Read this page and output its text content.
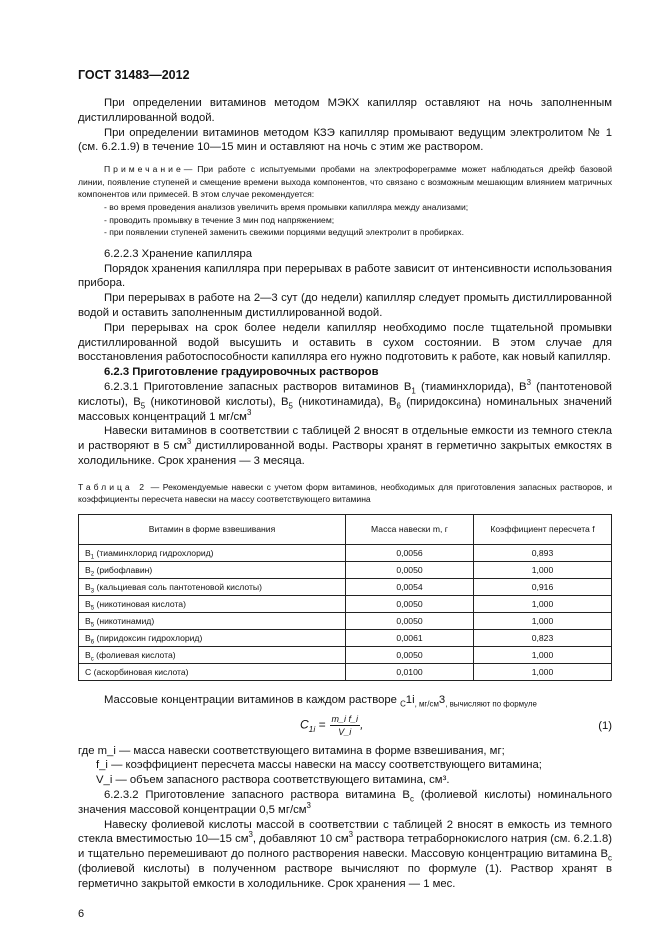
ГОСТ 31483—2012

При определении витаминов методом МЭКХ капилляр оставляют на ночь заполненным дистиллированной водой.

При определении витаминов методом КЗЭ капилляр промывают ведущим электролитом № 1 (см. 6.2.1.9) в течение 10—15 мин и оставляют на ночь с этим же раствором.

Примечание— При работе с испытуемыми пробами на электрофореграмме может наблюдаться дрейф базовой линии, появление ступеней и смещение времени выхода компонентов, что связано с возможным мешающим влиянием матричных компонентов или примесей. В этом случае рекомендуется:
- во время проведения анализов увеличить время промывки капилляра между анализами;
- проводить промывку в течение 3 мин под напряжением;
- при появлении ступеней заменить свежими порциями ведущий электролит в пробирках.

6.2.2.3 Хранение капилляра

Порядок хранения капилляра при перерывах в работе зависит от интенсивности использования прибора.

При перерывах в работе на 2—3 сут (до недели) капилляр следует промыть дистиллированной водой и оставить заполненным дистиллированной водой.

При перерывах на срок более недели капилляр необходимо после тщательной промывки дистиллированной водой высушить и оставить в сухом состоянии. В этом случае для восстановления работоспособности капилляра его нужно подготовить к работе, как новый капилляр.

6.2.3 Приготовление градуировочных растворов

6.2.3.1 Приготовление запасных растворов витаминов $B_1$ (тиаминхлорида), $B^3$ (пантотеновой кислоты), $B_5$ (никотиновой кислоты), $B_5$ (никотинамида), $B_6$ (пиридоксина) номинальных значений массовых концентраций 1 $мг/см^3$

Навески витаминов в соответствии с таблицей 2 вносят в отдельные емкости из темного стекла и растворяют в 5 $см^3$ дистиллированной воды. Растворы хранят в герметично закрытых емкостях в холодильнике. Срок хранения — 3 месяца.

Таблица 2 — Рекомендуемые навески с учетом форм витаминов, необходимых для приготовления запасных растворов, и коэффициенты пересчета навески на массу соответствующего витамина
Витамин в форме взвешивания	Масса навески m, г	Коэффициент пересчета f
$B_1$ (тиаминхлорид гидрохлорид)	0,0056	0,893
$B_2$ (рибофлавин)	0,0050	1,000
$B_3$ (кальциевая соль пантотеновой кислоты)	0,0054	0,916
$B_5$ (никотиновая кислота)	0,0050	1,000
$B_5$ (никотинамид)	0,0050	1,000
$B_6$ (пиридоксин гидрохлорид)	0,0061	0,823
$B_c$ (фолиевая кислота)	0,0050	1,000
C (аскорбиновая кислота)	0,0100	1,000

Массовые концентрации витаминов в каждом растворе $_C1i_{, мг/см}3_{, вычисляют по формуле}$

$C_{1i} = \frac{\text{m\_i f\_i}}{V\_i}$ ,	(1)
где m_i — масса навески соответствующего витамина в форме взвешивания, мг;
f_i — коэффициент пересчета массы навески на массу соответствующего витамина;
V_i — объем запасного раствора соответствующего витамина, см³.

6.2.3.2 Приготовление запасного раствора витамина $B_c$ (фолиевой кислоты) номинального значения массовой концентрации 0,5 $мг/см^3$

Навеску фолиевой кислоты массой в соответствии с таблицей 2 вносят в емкость из темного стекла вместимостью 10—15 $см^3$, добавляют 10 $см^3$ раствора тетраборнокислого натрия (см. 6.2.1.8) и тщательно перемешивают до полного растворения навески. Массовую концентрацию витамина $B_c$ (фолиевой кислоты) в полученном растворе вычисляют по формуле (1). Раствор хранят в герметично закрытой емкости в холодильнике. Срок хранения — 1 мес.

6
